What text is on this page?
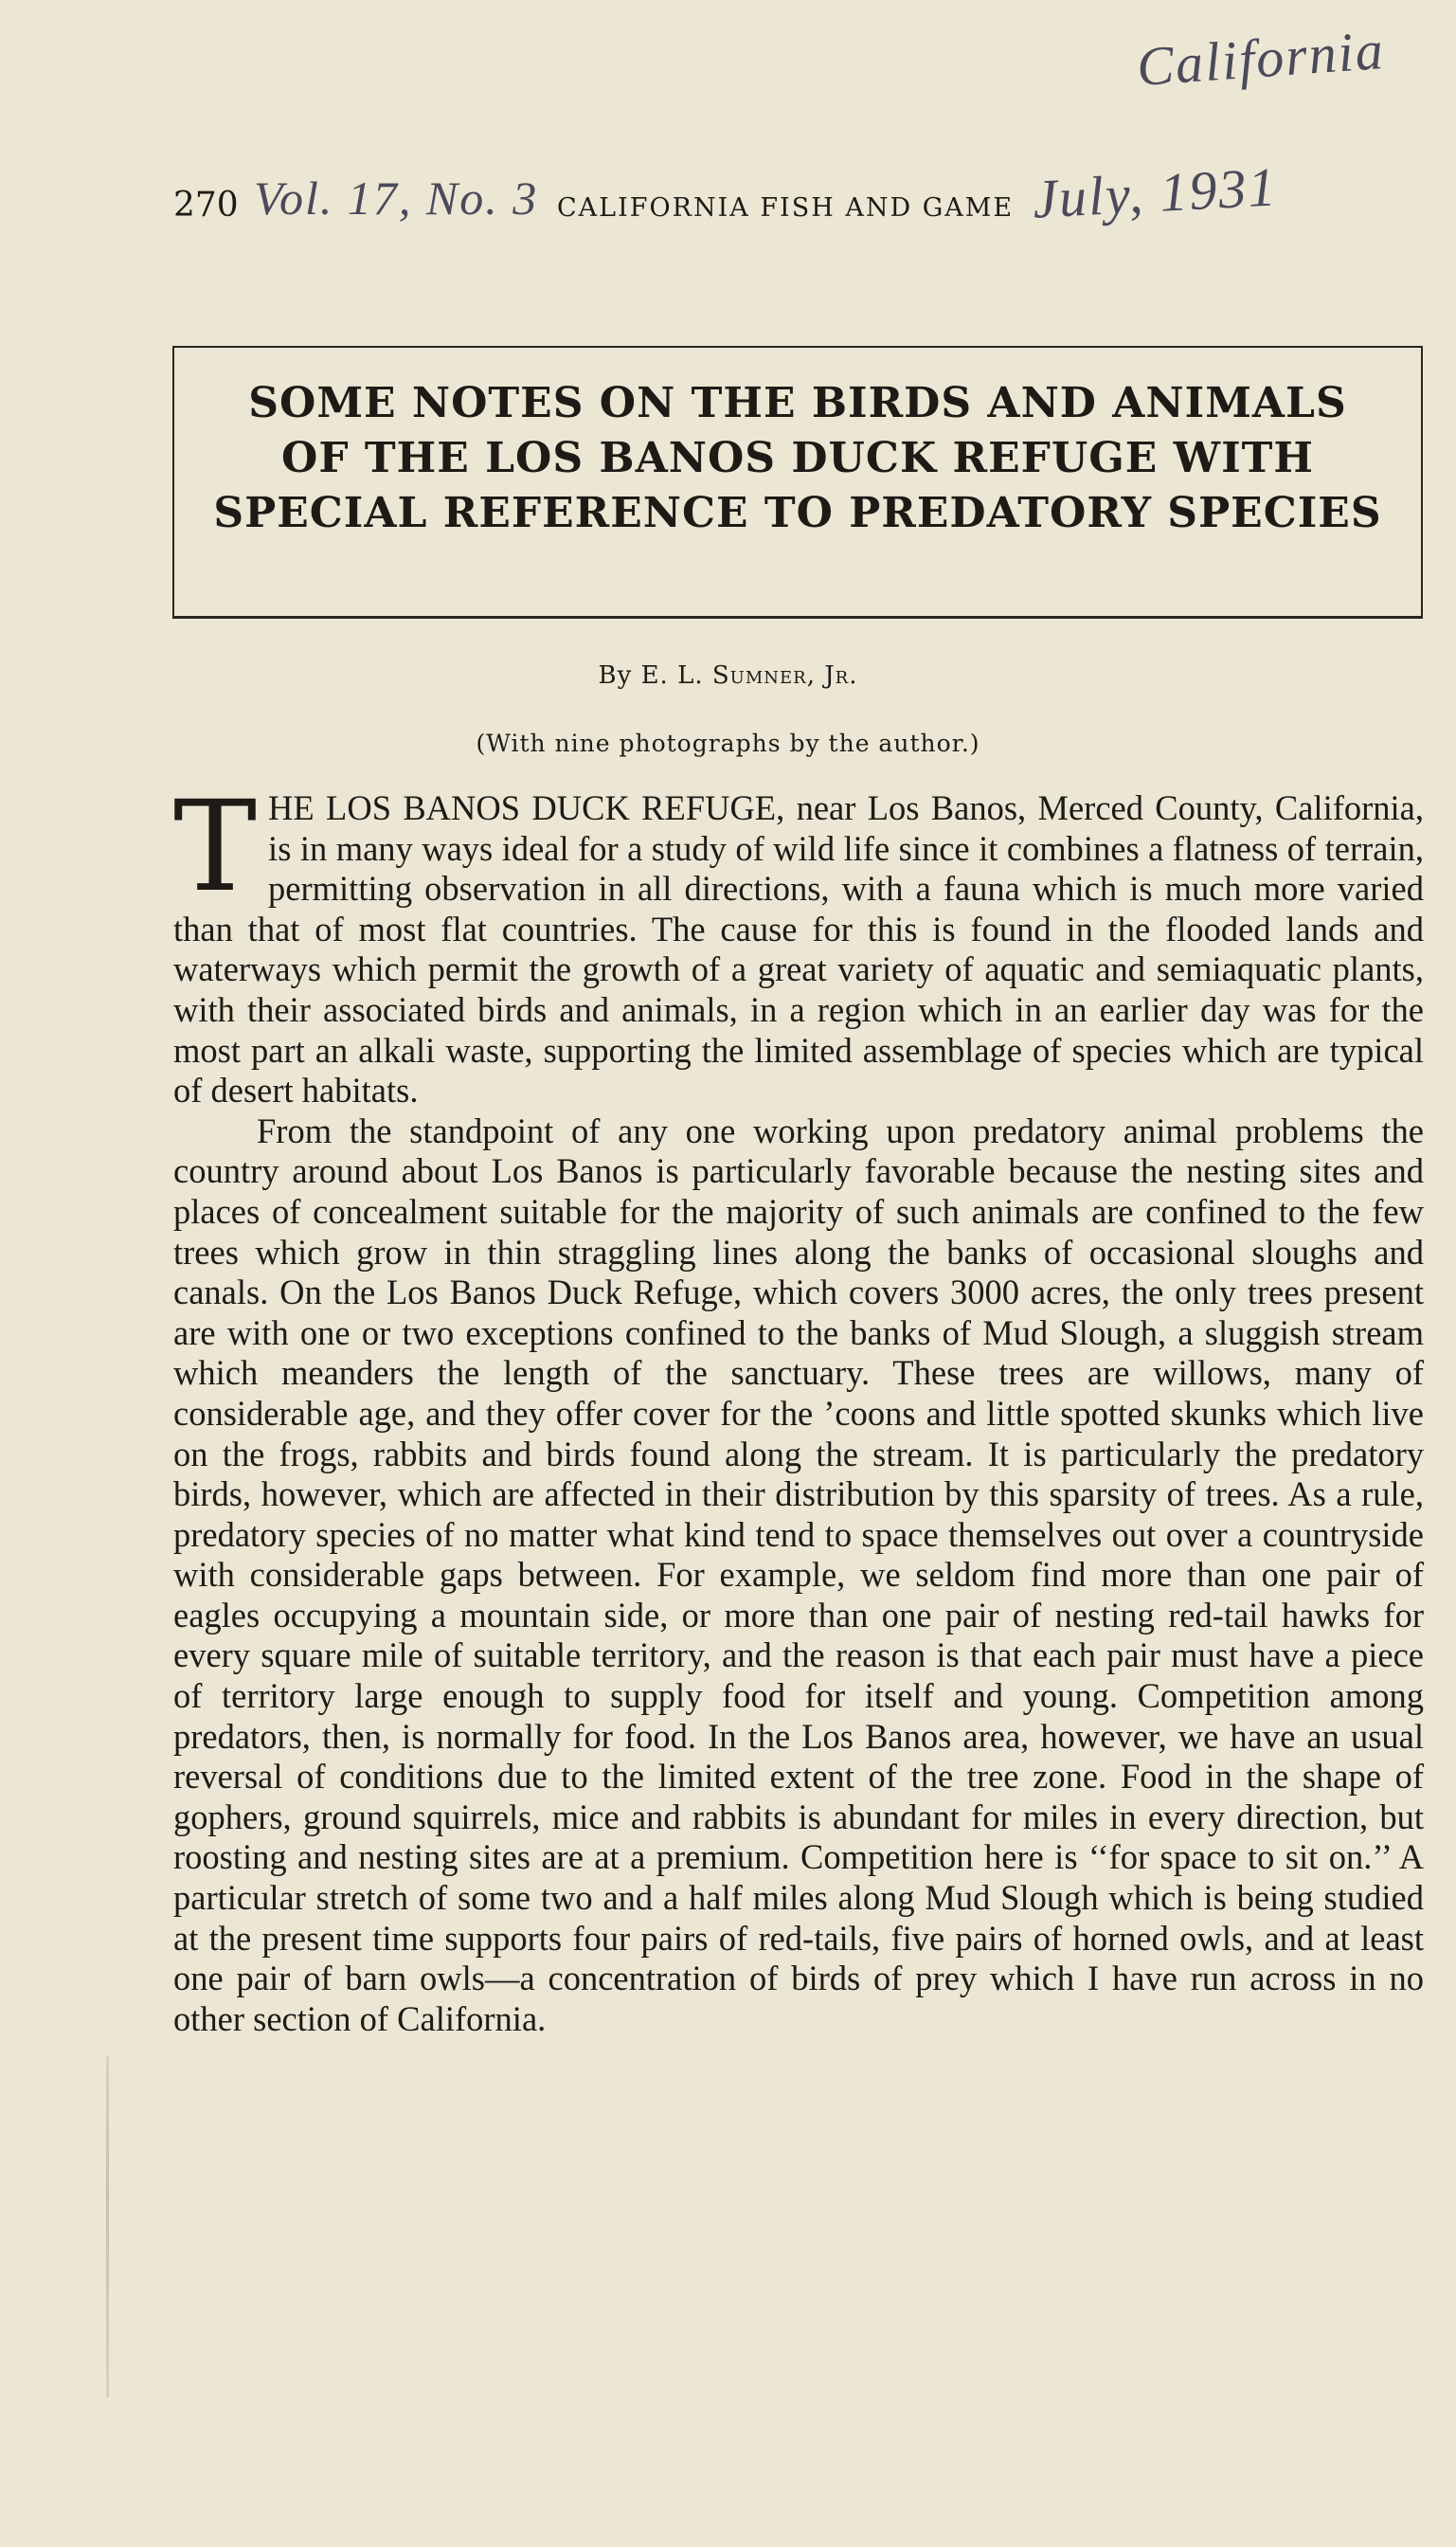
California
Vol. 17, No. 3	July, 1931
270	CALIFORNIA FISH AND GAME
SOME NOTES ON THE BIRDS AND ANIMALS OF THE LOS BANOS DUCK REFUGE WITH SPECIAL REFERENCE TO PREDATORY SPECIES
By E. L. Sumner, Jr.
(With nine photographs by the author.)

T HE LOS BANOS DUCK REFUGE, near Los Banos, Merced County, California, is in many ways ideal for a study of wild life since it combines a flatness of terrain, permitting observation in all directions, with a fauna which is much more varied than that of most flat countries. The cause for this is found in the flooded lands and waterways which permit the growth of a great variety of aquatic and semiaquatic plants, with their associated birds and animals, in a region which in an earlier day was for the most part an alkali waste, supporting the limited assemblage of species which are typical of desert habitats.

From the standpoint of any one working upon predatory animal problems the country around about Los Banos is particularly favorable because the nesting sites and places of concealment suitable for the majority of such animals are confined to the few trees which grow in thin straggling lines along the banks of occasional sloughs and canals. On the Los Banos Duck Refuge, which covers 3000 acres, the only trees present are with one or two exceptions confined to the banks of Mud Slough, a sluggish stream which meanders the length of the sanctuary. These trees are willows, many of considerable age, and they offer cover for the ’coons and little spotted skunks which live on the frogs, rabbits and birds found along the stream. It is particularly the predatory birds, however, which are affected in their distribution by this sparsity of trees. As a rule, predatory species of no matter what kind tend to space themselves out over a countryside with considerable gaps between. For example, we seldom find more than one pair of eagles occupying a mountain side, or more than one pair of nesting red-tail hawks for every square mile of suitable territory, and the reason is that each pair must have a piece of territory large enough to supply food for itself and young. Competition among predators, then, is normally for food. In the Los Banos area, however, we have an usual reversal of conditions due to the limited extent of the tree zone. Food in the shape of gophers, ground squirrels, mice and rabbits is abundant for miles in every direction, but roosting and nesting sites are at a premium. Competition here is ‘‘for space to sit on.’’ A particular stretch of some two and a half miles along Mud Slough which is being studied at the present time supports four pairs of red-tails, five pairs of horned owls, and at least one pair of barn owls—a concentration of birds of prey which I have run across in no other section of California.
